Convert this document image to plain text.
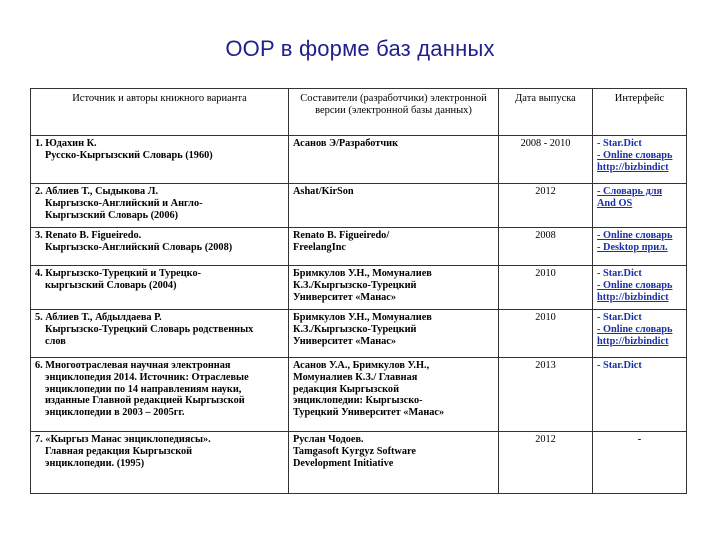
OOP в форме баз данных
Источник и авторы книжного варианта	Составители (разработчики) электронной версии (электронной базы данных)	Дата выпуска	Интерфейс

1. Юдахин К.
Русско-Кыргызский Словарь (1960)	Асанов Э/Разработчик	2008 - 2010	- Star.Dict
- Online словарь
http://bizbindict

2. Аблиев Т., Сыдыкова Л.
Кыргызско-Английский и Англо-
Кыргызский Словарь (2006)	Ashat/KirSon	2012	- Словарь для
And OS

3. Renato B. Figueiredo.
Кыргызско-Английский Словарь (2008)	Renato B. Figueiredo/
FreelangInc	2008	- Online словарь
- Desktop прил.

4. Кыргызско-Турецкий и Турецко-
кыргызский Словарь (2004)	Бримкулов У.Н., Момуналиев
К.З./Кыргызско-Турецкий
Университет «Манас»	2010	- Star.Dict
- Online словарь
http://bizbindict

5. Аблиев Т., Абдылдаева Р.
Кыргызско-Турецкий Словарь родственных
слов	Бримкулов У.Н., Момуналиев
К.З./Кыргызско-Турецкий
Университет «Манас»	2010	- Star.Dict
- Online словарь
http://bizbindict

6. Многоотраслевая научная электронная
энциклопедия 2014. Источник: Отраслевые
энциклопедии по 14 направлениям науки,
изданные Главной редакцией Кыргызской
энциклопедии в 2003 – 2005гг.	Асанов У.А., Бримкулов У.Н.,
Момуналиев К.З./ Главная
редакция Кыргызской
энциклопедии: Кыргызско-
Турецкий Университет «Манас»	2013	- Star.Dict

7. «Кыргыз Манас энциклопедиясы».
Главная редакция Кыргызской
энциклопедии. (1995)	Руслан Чодоев.
Tamgasoft Kyrgyz Software
Development Initiative	2012	-
